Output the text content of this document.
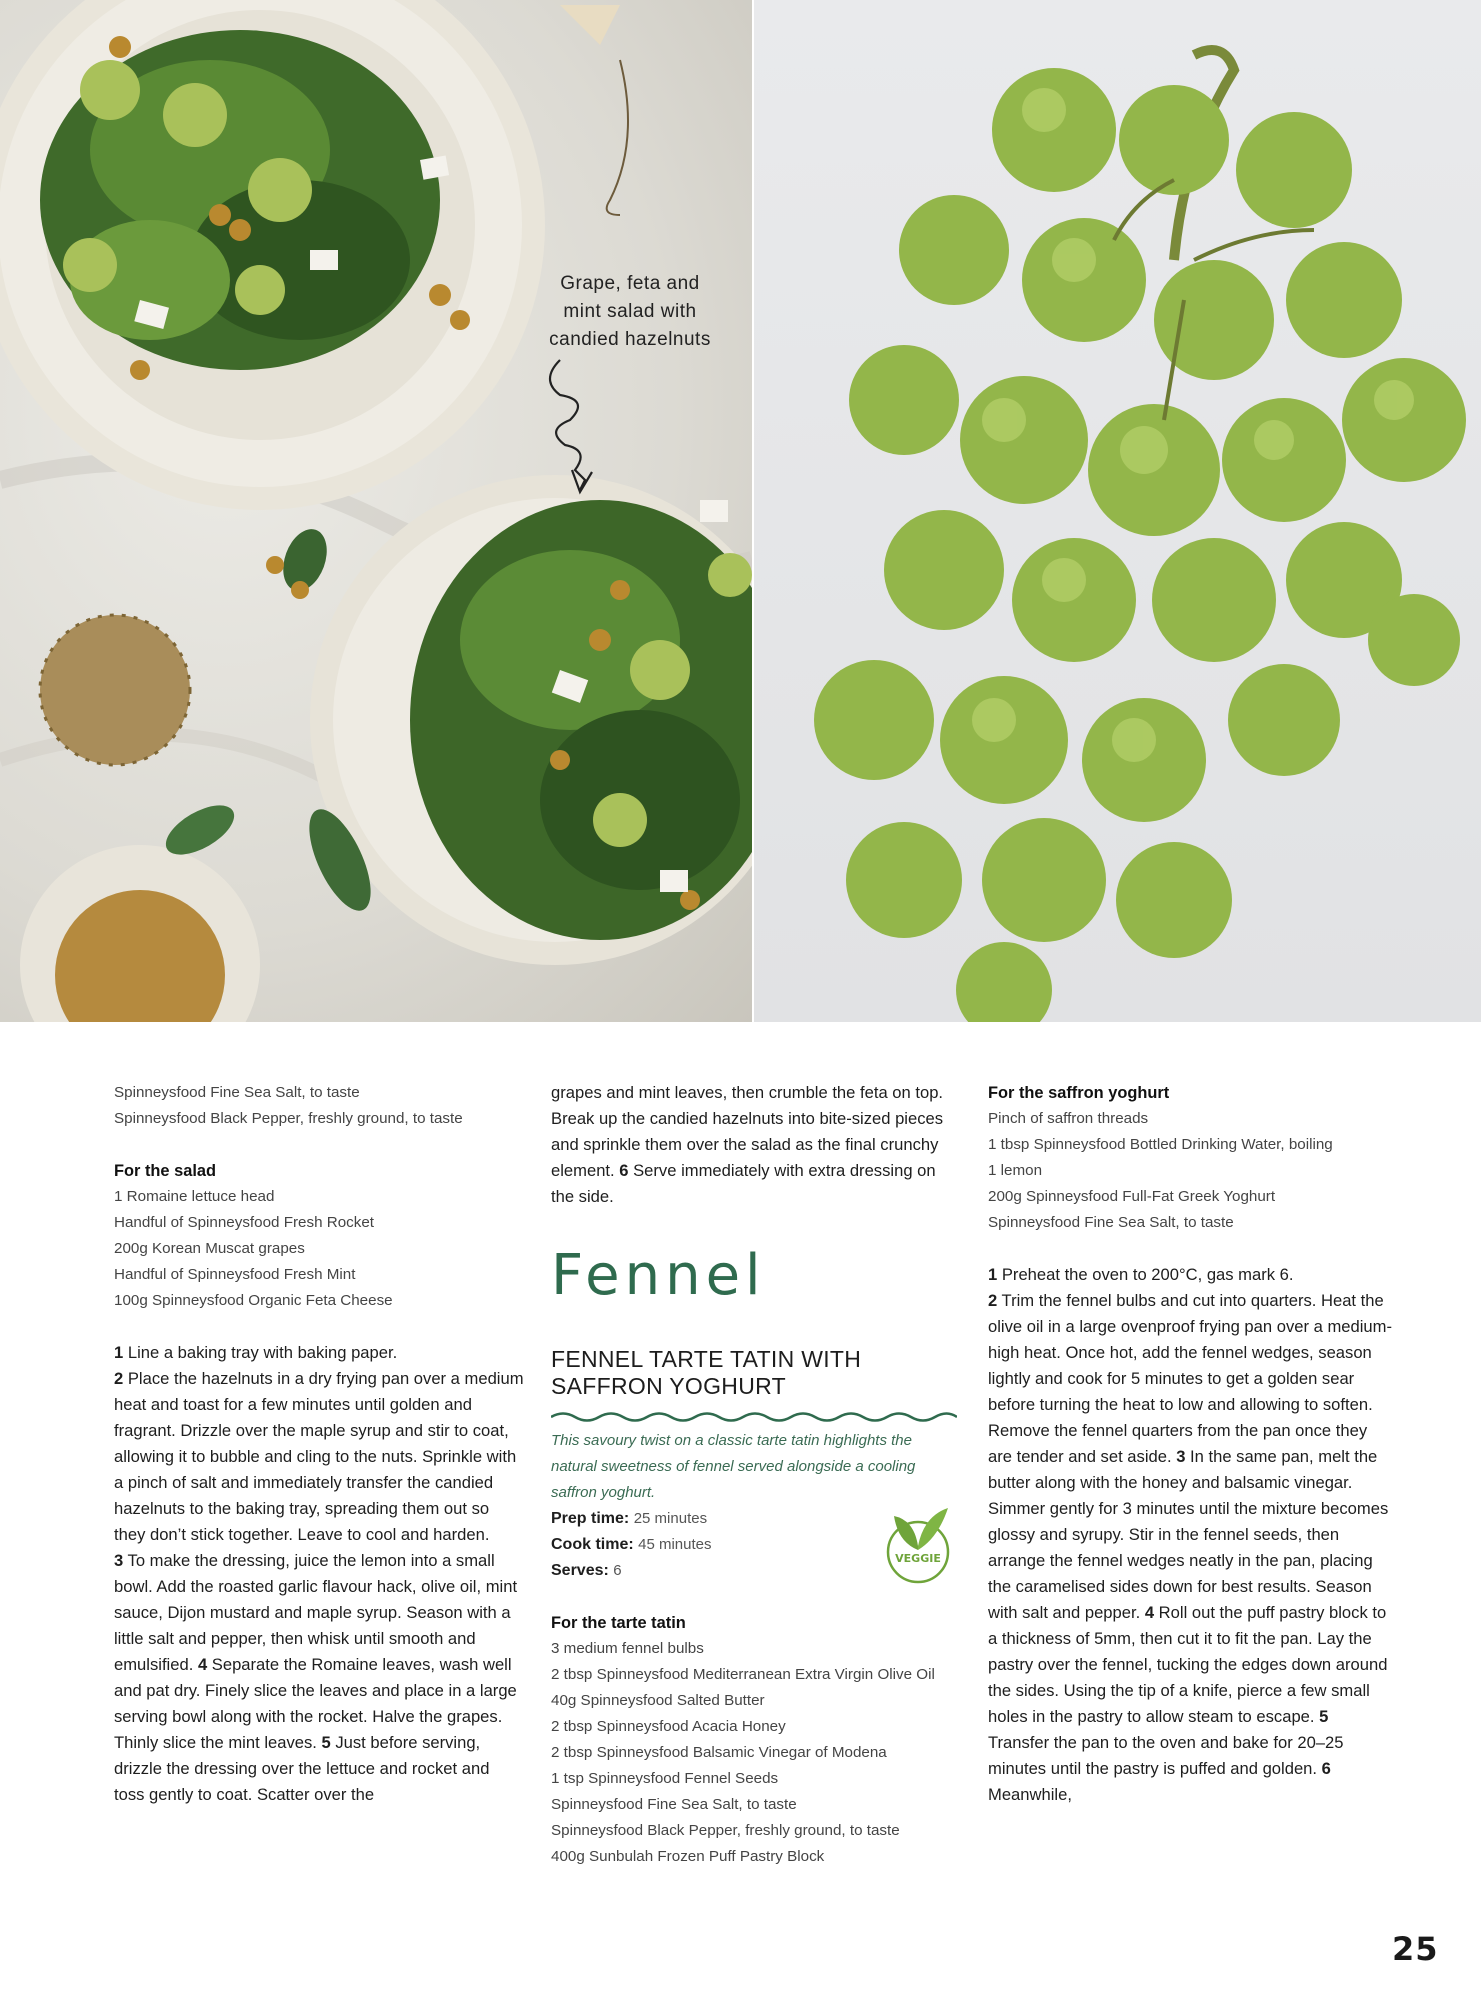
Grape, feta and
mint salad with
candied hazelnuts
Spinneysfood Fine Sea Salt, to taste
Spinneysfood Black Pepper, freshly ground, to taste
For the salad
1 Romaine lettuce head
Handful of Spinneysfood Fresh Rocket
200g Korean Muscat grapes
Handful of Spinneysfood Fresh Mint
100g Spinneysfood Organic Feta Cheese
1 Line a baking tray with baking paper.
2 Place the hazelnuts in a dry frying pan over a medium heat and toast for a few minutes until golden and fragrant. Drizzle over the maple syrup and stir to coat, allowing it to bubble and cling to the nuts. Sprinkle with a pinch of salt and immediately transfer the candied hazelnuts to the baking tray, spreading them out so they don’t stick together. Leave to cool and harden.
3 To make the dressing, juice the lemon into a small bowl. Add the roasted garlic flavour hack, olive oil, mint sauce, Dijon mustard and maple syrup. Season with a little salt and pepper, then whisk until smooth and emulsified. 4 Separate the Romaine leaves, wash well and pat dry. Finely slice the leaves and place in a large serving bowl along with the rocket. Halve the grapes. Thinly slice the mint leaves. 5 Just before serving, drizzle the dressing over the lettuce and rocket and toss gently to coat. Scatter over the
grapes and mint leaves, then crumble the feta on top. Break up the candied hazelnuts into bite-sized pieces and sprinkle them over the salad as the final crunchy element. 6 Serve immediately with extra dressing on the side.
Fennel
FENNEL TARTE TATIN WITH
SAFFRON YOGHURT
This savoury twist on a classic tarte tatin highlights the natural sweetness of fennel served alongside a cooling saffron yoghurt.
Prep time: 25 minutes
Cook time: 45 minutes
Serves: 6
For the tarte tatin
3 medium fennel bulbs
2 tbsp Spinneysfood Mediterranean Extra Virgin Olive Oil
40g Spinneysfood Salted Butter
2 tbsp Spinneysfood Acacia Honey
2 tbsp Spinneysfood Balsamic Vinegar of Modena
1 tsp Spinneysfood Fennel Seeds
Spinneysfood Fine Sea Salt, to taste
Spinneysfood Black Pepper, freshly ground, to taste
400g Sunbulah Frozen Puff Pastry Block
VEGGIE
For the saffron yoghurt
Pinch of saffron threads
1 tbsp Spinneysfood Bottled Drinking Water, boiling
1 lemon
200g Spinneysfood Full-Fat Greek Yoghurt
Spinneysfood Fine Sea Salt, to taste
1 Preheat the oven to 200°C, gas mark 6.
2 Trim the fennel bulbs and cut into quarters. Heat the olive oil in a large ovenproof frying pan over a medium-high heat. Once hot, add the fennel wedges, season lightly and cook for 5 minutes to get a golden sear before turning the heat to low and allowing to soften. Remove the fennel quarters from the pan once they are tender and set aside. 3 In the same pan, melt the butter along with the honey and balsamic vinegar. Simmer gently for 3 minutes until the mixture becomes glossy and syrupy. Stir in the fennel seeds, then arrange the fennel wedges neatly in the pan, placing the caramelised sides down for best results. Season with salt and pepper. 4 Roll out the puff pastry block to a thickness of 5mm, then cut it to fit the pan. Lay the pastry over the fennel, tucking the edges down around the sides. Using the tip of a knife, pierce a few small holes in the pastry to allow steam to escape. 5 Transfer the pan to the oven and bake for 20–25 minutes until the pastry is puffed and golden. 6 Meanwhile,
25
